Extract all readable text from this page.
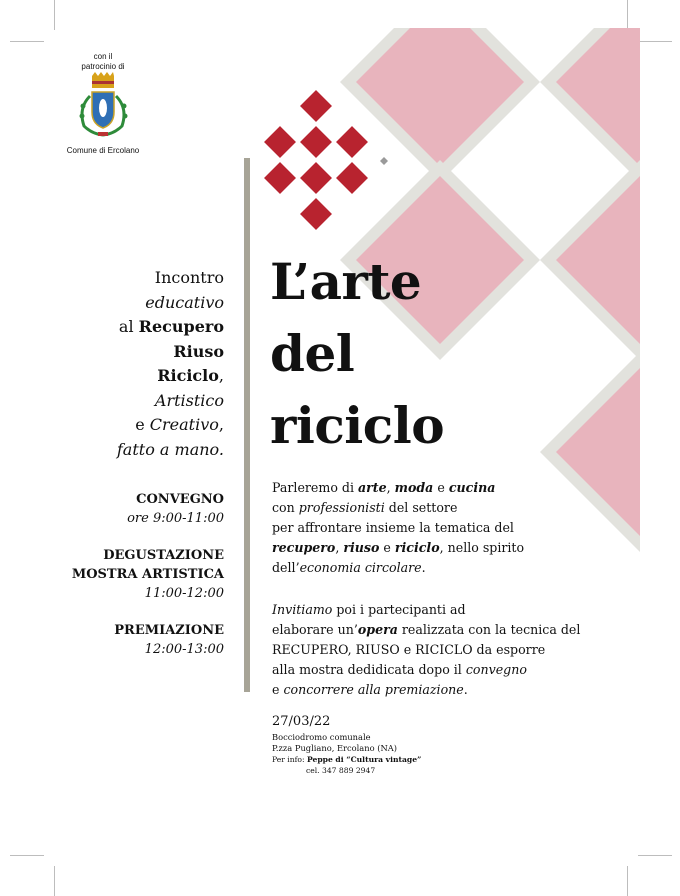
con il
patrocinio di
Comune di Ercolano
Incontro
educativo
al Recupero
Riuso
Riciclo,
Artistico
e Creativo,
fatto a mano.
CONVEGNO
ore 9:00-11:00
DEGUSTAZIONE
MOSTRA ARTISTICA
11:00-12:00
PREMIAZIONE
12:00-13:00
L’arte
del
riciclo
Parleremo di arte, moda e cucina
con professionisti del settore
per affrontare insieme la tematica del
recupero, riuso e riciclo, nello spirito
dell’economia circolare.
Invitiamo poi i partecipanti ad
elaborare un’opera realizzata con la tecnica del
RECUPERO, RIUSO e RICICLO da esporre
alla mostra dedidicata dopo il convegno
e concorrere alla premiazione.
27/03/22
Bocciodromo comunale
P.zza Pugliano, Ercolano (NA)
Per info: Peppe di “Cultura vintage”
cel. 347 889 2947
